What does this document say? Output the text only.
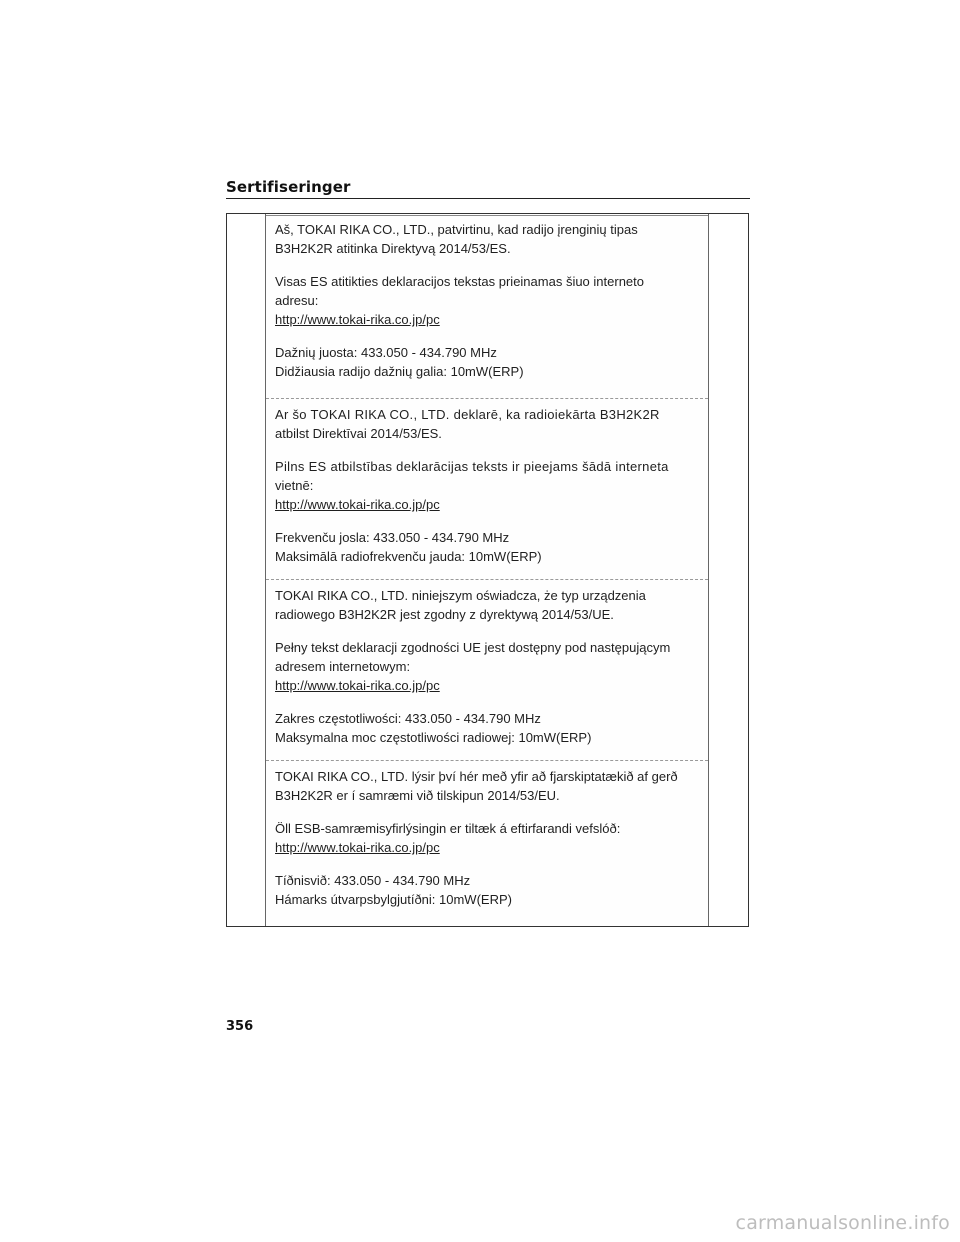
Sertifiseringer
Aš, TOKAI RIKA CO., LTD., patvirtinu, kad radijo įrenginių tipas
B3H2K2R atitinka Direktyvą 2014/53/ES.
Visas ES atitikties deklaracijos tekstas prieinamas šiuo interneto
adresu:
http://www.tokai-rika.co.jp/pc
Dažnių juosta: 433.050 - 434.790 MHz
Didžiausia radijo dažnių galia: 10mW(ERP)
Ar šo TOKAI RIKA CO., LTD. deklarē, ka radioiekārta B3H2K2R
atbilst Direktīvai 2014/53/ES.
Pilns ES atbilstības deklarācijas teksts ir pieejams šādā interneta
vietnē:
http://www.tokai-rika.co.jp/pc
Frekvenču josla: 433.050 - 434.790 MHz
Maksimālā radiofrekvenču jauda: 10mW(ERP)
TOKAI RIKA CO., LTD. niniejszym oświadcza, że typ urządzenia
radiowego B3H2K2R jest zgodny z dyrektywą 2014/53/UE.
Pełny tekst deklaracji zgodności UE jest dostępny pod następującym
adresem internetowym:
http://www.tokai-rika.co.jp/pc
Zakres częstotliwości: 433.050 - 434.790 MHz
Maksymalna moc częstotliwości radiowej: 10mW(ERP)
TOKAI RIKA CO., LTD. lýsir því hér með yfir að fjarskiptatækið af gerð
B3H2K2R er í samræmi við tilskipun 2014/53/EU.
Öll ESB-samræmisyfirlýsingin er tiltæk á eftirfarandi vefslóð:
http://www.tokai-rika.co.jp/pc
Tíðnisvið: 433.050 - 434.790 MHz
Hámarks útvarpsbylgjutíðni: 10mW(ERP)
356
carmanualsonline.info
